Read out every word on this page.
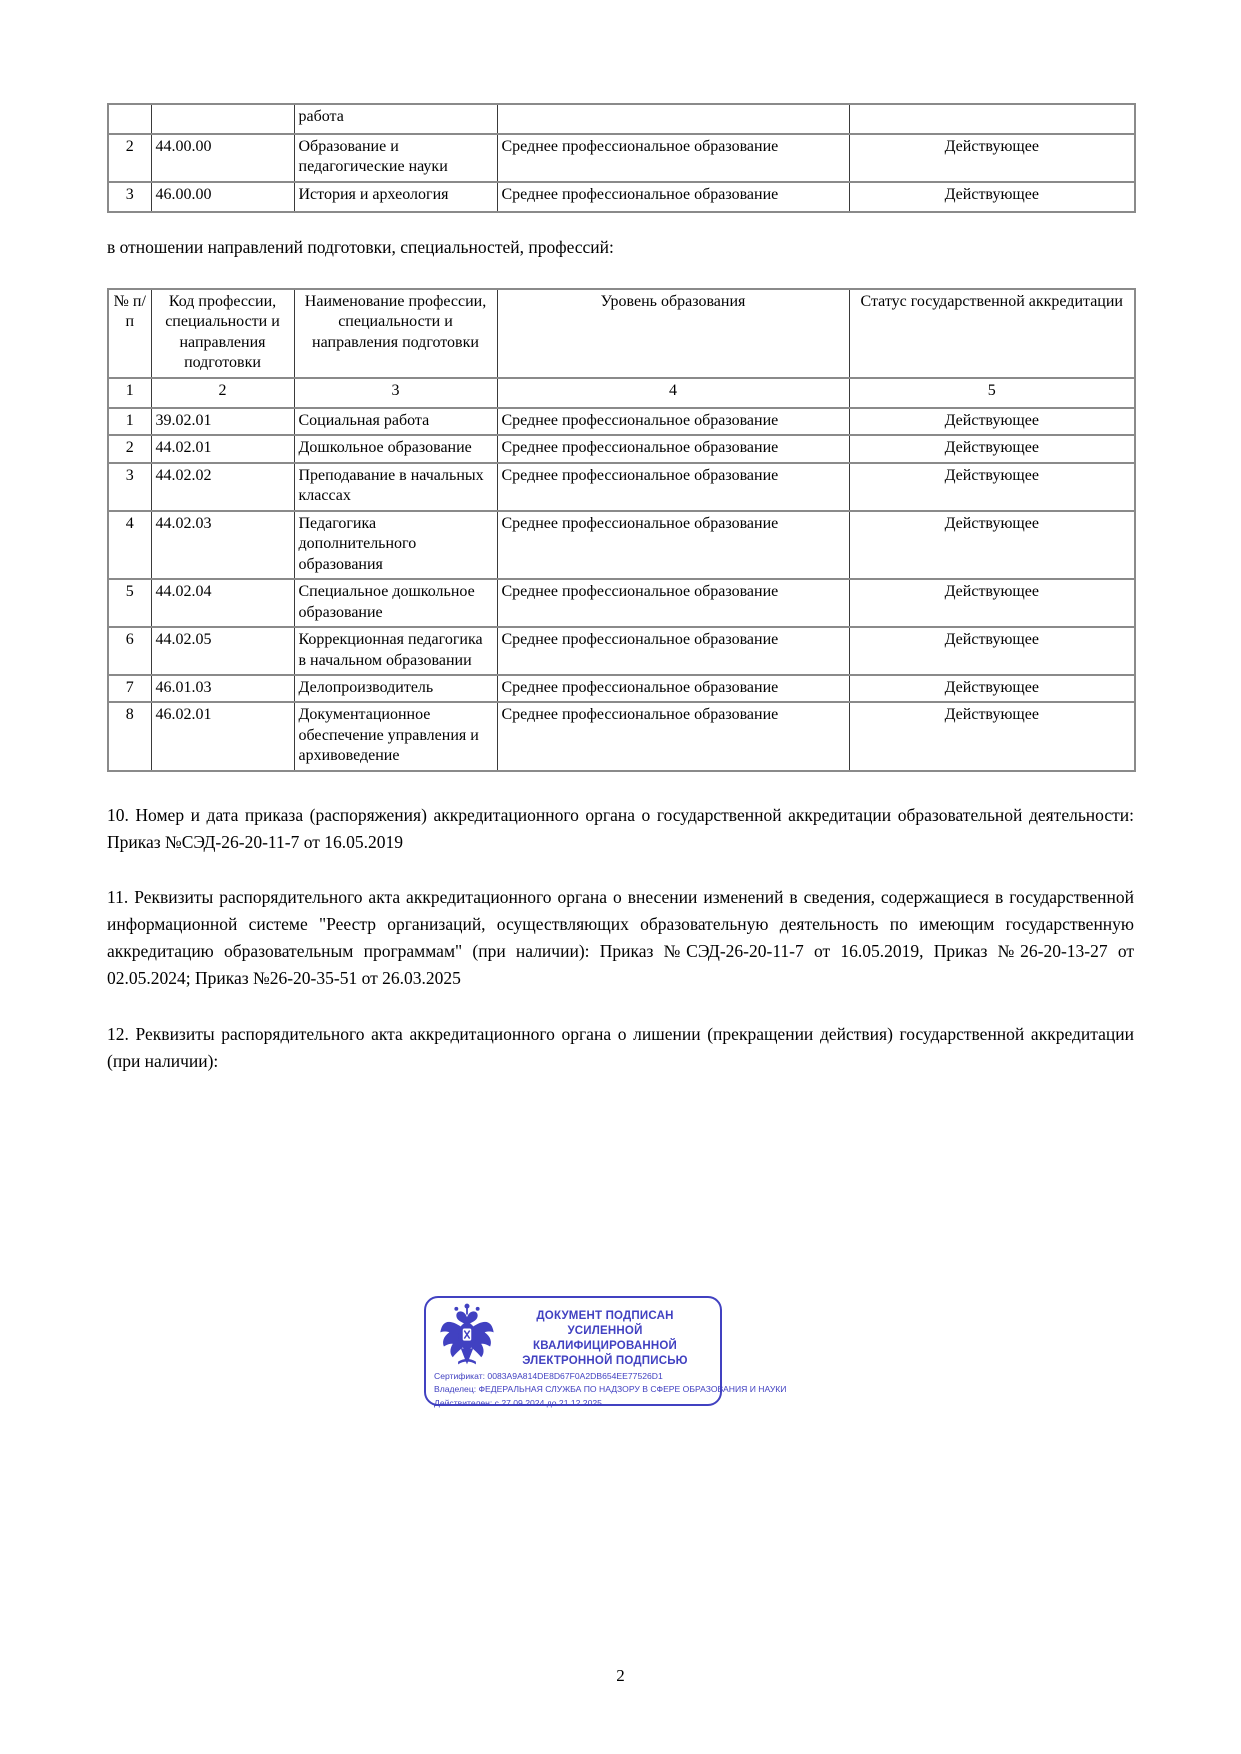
		работа		
2	44.00.00	Образование и педагогические науки	Среднее профессиональное образование	Действующее
3	46.00.00	История и археология	Среднее профессиональное образование	Действующее
в отношении направлений подготовки, специальностей, профессий:
№ п/п	Код профессии, специальности и направления подготовки	Наименование профессии, специальности и направления подготовки	Уровень образования	Статус государственной аккредитации
1	2	3	4	5
1	39.02.01	Социальная работа	Среднее профессиональное образование	Действующее
2	44.02.01	Дошкольное образование	Среднее профессиональное образование	Действующее
3	44.02.02	Преподавание в начальных классах	Среднее профессиональное образование	Действующее
4	44.02.03	Педагогика дополнительного образования	Среднее профессиональное образование	Действующее
5	44.02.04	Специальное дошкольное образование	Среднее профессиональное образование	Действующее
6	44.02.05	Коррекционная педагогика в начальном образовании	Среднее профессиональное образование	Действующее
7	46.01.03	Делопроизводитель	Среднее профессиональное образование	Действующее
8	46.02.01	Документационное обеспечение управления и архивоведение	Среднее профессиональное образование	Действующее
10. Номер и дата приказа (распоряжения) аккредитационного органа о государственной аккредитации образовательной деятельности: Приказ №СЭД-26-20-11-7 от 16.05.2019
11. Реквизиты распорядительного акта аккредитационного органа о внесении изменений в сведения, содержащиеся в государственной информационной системе "Реестр организаций, осуществляющих образовательную деятельность по имеющим государственную аккредитацию образовательным программам" (при наличии): Приказ №СЭД-26-20-11-7 от 16.05.2019, Приказ №26-20-13-27 от 02.05.2024; Приказ №26-20-35-51 от 26.03.2025
12. Реквизиты распорядительного акта аккредитационного органа о лишении (прекращении действия) государственной аккредитации (при наличии):
ДОКУМЕНТ ПОДПИСАН
УСИЛЕННОЙ КВАЛИФИЦИРОВАННОЙ
ЭЛЕКТРОННОЙ ПОДПИСЬЮ
Сертификат: 0083A9A814DE8D67F0A2DB654EE77526D1
Владелец: ФЕДЕРАЛЬНАЯ СЛУЖБА ПО НАДЗОРУ В СФЕРЕ ОБРАЗОВАНИЯ И НАУКИ
Действителен: с 27.09.2024 до 21.12.2025
2
